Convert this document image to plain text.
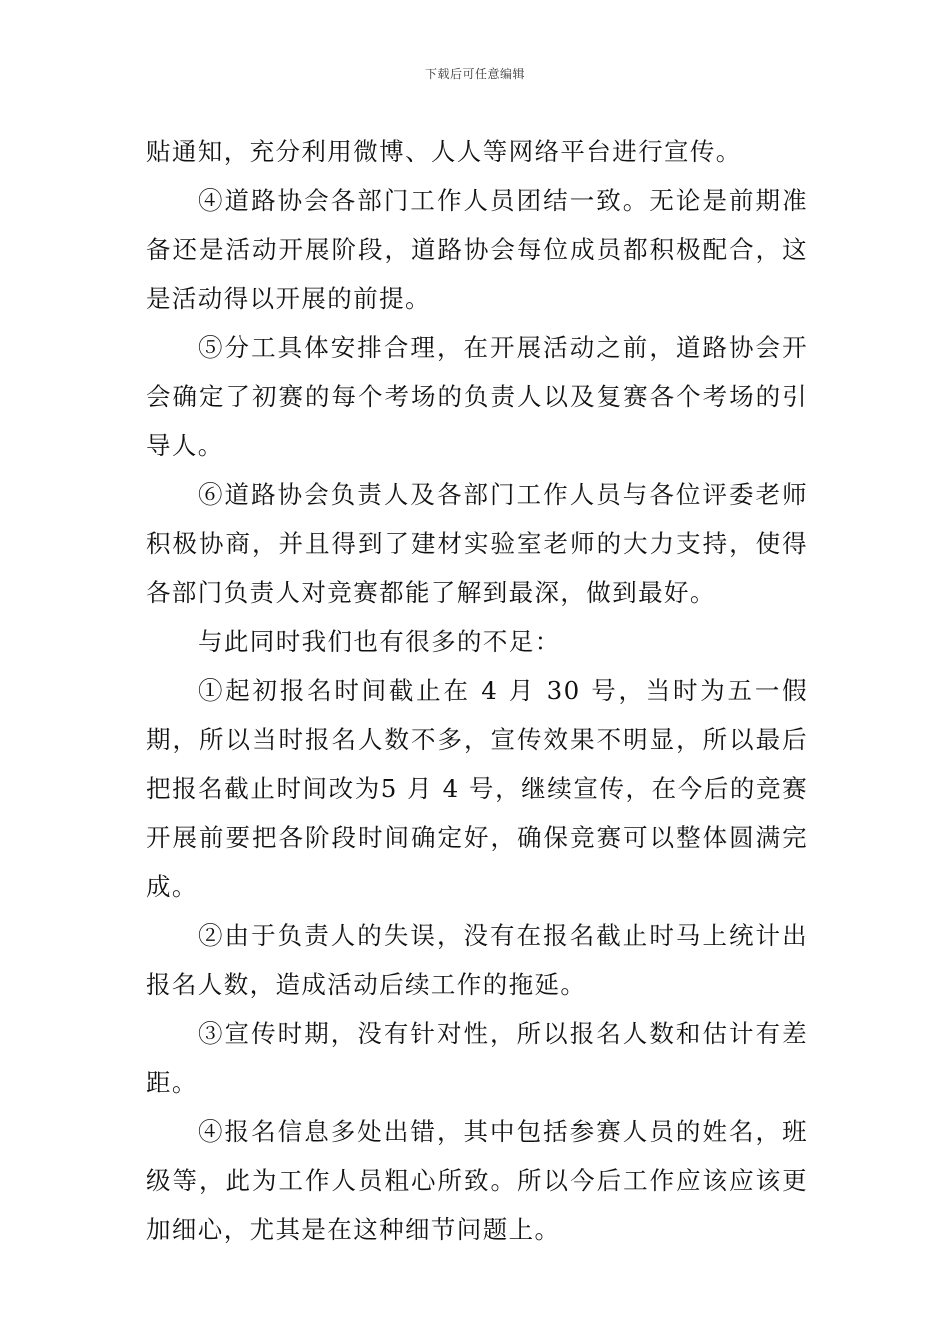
下载后可任意编辑

贴通知，充分利用微博、人人等网络平台进行宣传。

④道路协会各部门工作人员团结一致。无论是前期准备还是活动开展阶段，道路协会每位成员都积极配合，这是活动得以开展的前提。

⑤分工具体安排合理，在开展活动之前，道路协会开会确定了初赛的每个考场的负责人以及复赛各个考场的引导人。

⑥道路协会负责人及各部门工作人员与各位评委老师积极协商，并且得到了建材实验室老师的大力支持，使得各部门负责人对竞赛都能了解到最深，做到最好。

与此同时我们也有很多的不足：

①起初报名时间截止在 4 月 30 号，当时为五一假期，所以当时报名人数不多，宣传效果不明显，所以最后把报名截止时间改为5 月 4 号，继续宣传，在今后的竞赛开展前要把各阶段时间确定好，确保竞赛可以整体圆满完成。

②由于负责人的失误，没有在报名截止时马上统计出报名人数，造成活动后续工作的拖延。

③宣传时期，没有针对性，所以报名人数和估计有差距。

④报名信息多处出错，其中包括参赛人员的姓名，班级等，此为工作人员粗心所致。所以今后工作应该应该更加细心，尤其是在这种细节问题上。
